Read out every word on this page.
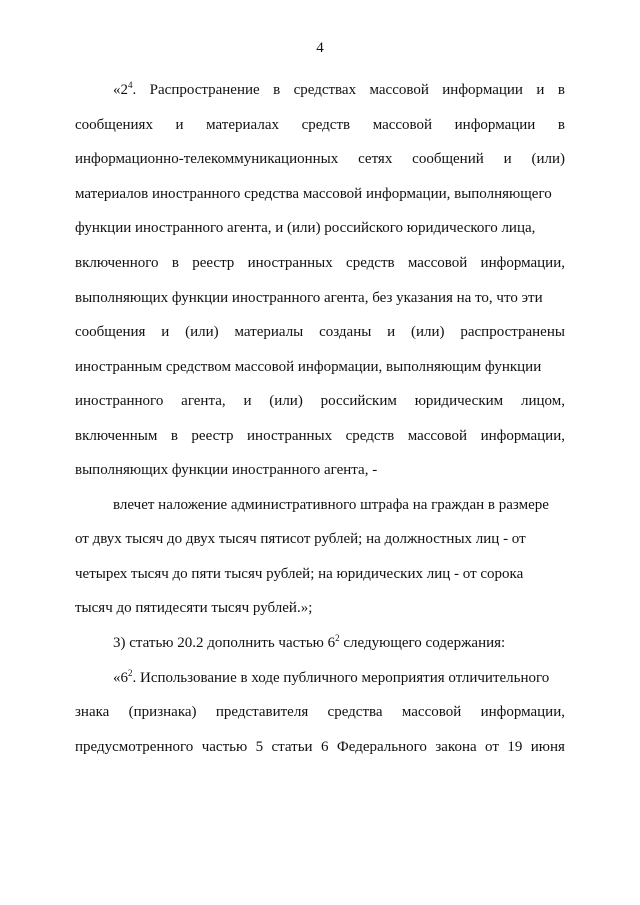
4
«$2^4$. Распространение в средствах массовой информации и в
сообщениях и материалах средств массовой информации в
информационно-телекоммуникационных сетях сообщений и (или)
материалов иностранного средства массовой информации, выполняющего
функции иностранного агента, и (или) российского юридического лица,
включенного в реестр иностранных средств массовой информации,
выполняющих функции иностранного агента, без указания на то, что эти
сообщения и (или) материалы созданы и (или) распространены
иностранным средством массовой информации, выполняющим функции
иностранного агента, и (или) российским юридическим лицом,
включенным в реестр иностранных средств массовой информации,
выполняющих функции иностранного агента, -
влечет наложение административного штрафа на граждан в размере
от двух тысяч до двух тысяч пятисот рублей; на должностных лиц - от
четырех тысяч до пяти тысяч рублей; на юридических лиц - от сорока
тысяч до пятидесяти тысяч рублей.»;
3) статью 20.2 дополнить частью $6^2$ следующего содержания:
«$6^2$. Использование в ходе публичного мероприятия отличительного
знака (признака) представителя средства массовой информации,
предусмотренного частью 5 статьи 6 Федерального закона от 19 июня
